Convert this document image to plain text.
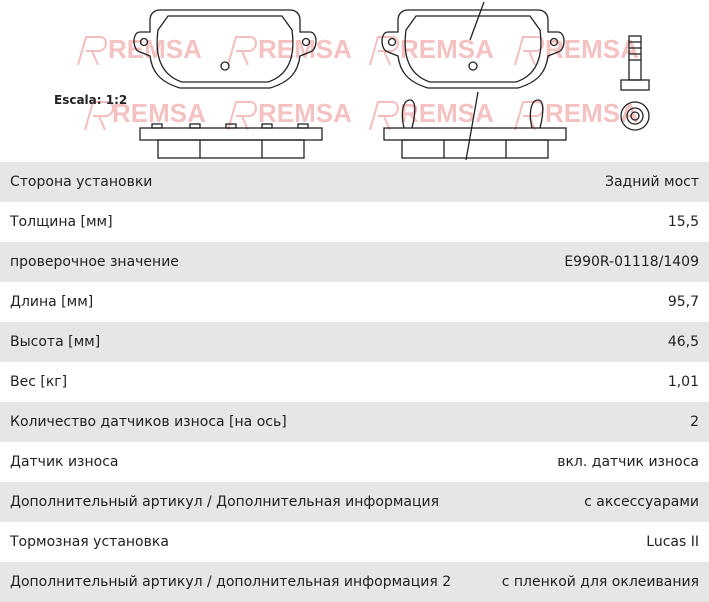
REMSA REMSA REMSA REMSA
REMSA REMSA REMSA REMSA
Escala: 1:2
Сторона установки	Задний мост
Толщина [мм]	15,5
проверочное значение	E990R-01118/1409
Длина [мм]	95,7
Высота [мм]	46,5
Вес [кг]	1,01
Количество датчиков износа [на ось]	2
Датчик износа	вкл. датчик износа
Дополнительный артикул / Дополнительная информация	с аксессуарами
Тормозная установка	Lucas II
Дополнительный артикул / дополнительная информация 2	с пленкой для оклеивания
